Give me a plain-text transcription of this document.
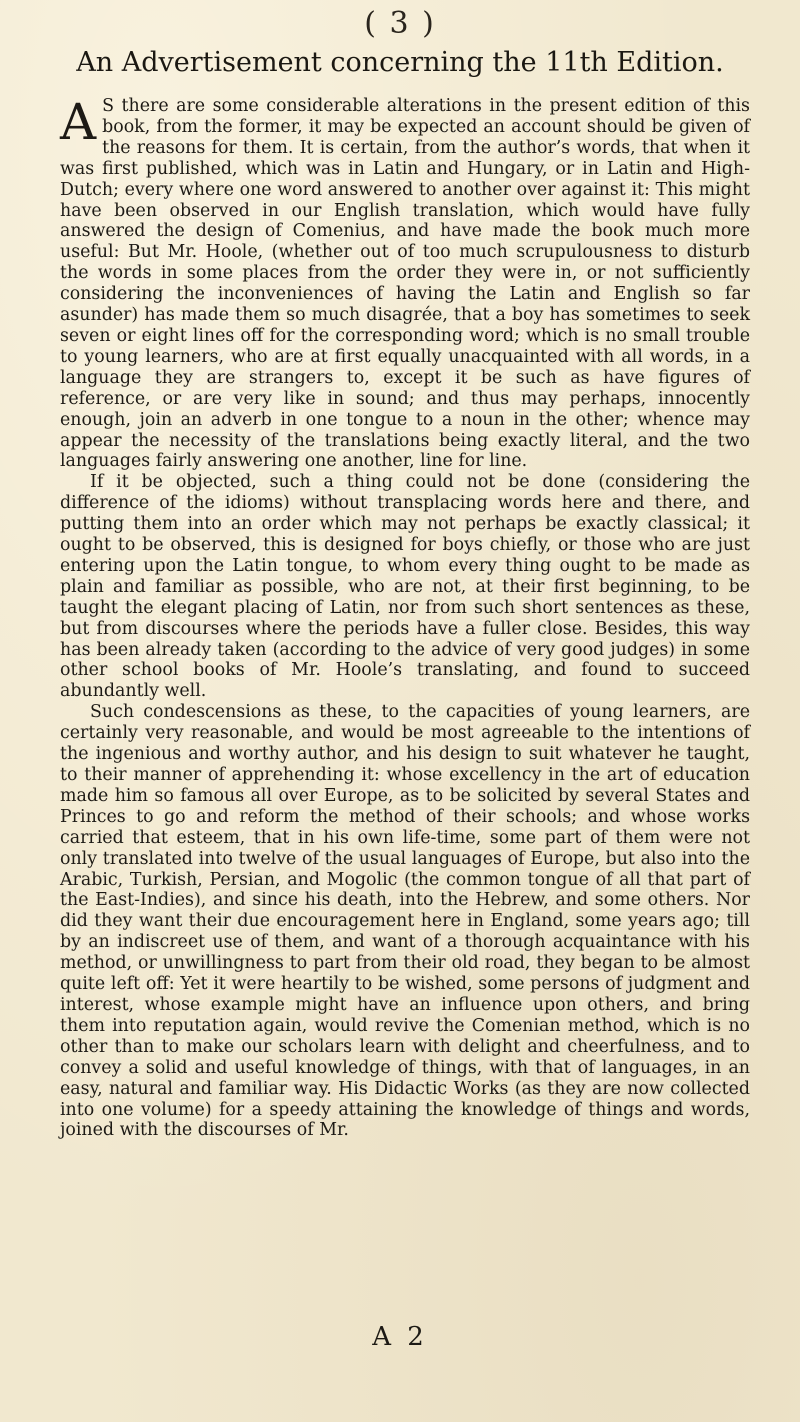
( 3 )
An Advertisement concerning the 11th Edition.

A S there are some considerable alterations in the present edition of this book, from the former, it may be expected an account should be given of the reasons for them. It is certain, from the author’s words, that when it was first published, which was in Latin and Hungary, or in Latin and High-Dutch; every where one word answered to another over against it: This might have been observed in our English translation, which would have fully answered the design of Comenius, and have made the book much more useful: But Mr. Hoole, (whether out of too much scrupulousness to disturb the words in some places from the order they were in, or not sufficiently considering the inconveniences of having the Latin and English so far asunder) has made them so much disagrée, that a boy has sometimes to seek seven or eight lines off for the corresponding word; which is no small trouble to young learners, who are at first equally unacquainted with all words, in a language they are strangers to, except it be such as have figures of reference, or are very like in sound; and thus may perhaps, innocently enough, join an adverb in one tongue to a noun in the other; whence may appear the necessity of the translations being exactly literal, and the two languages fairly answering one another, line for line.

If it be objected, such a thing could not be done (considering the difference of the idioms) without transplacing words here and there, and putting them into an order which may not perhaps be exactly classical; it ought to be observed, this is designed for boys chiefly, or those who are just entering upon the Latin tongue, to whom every thing ought to be made as plain and familiar as possible, who are not, at their first beginning, to be taught the elegant placing of Latin, nor from such short sentences as these, but from discourses where the periods have a fuller close. Besides, this way has been already taken (according to the advice of very good judges) in some other school books of Mr. Hoole’s translating, and found to succeed abundantly well.

Such condescensions as these, to the capacities of young learners, are certainly very reasonable, and would be most agreeable to the intentions of the ingenious and worthy author, and his design to suit whatever he taught, to their manner of apprehending it: whose excellency in the art of education made him so famous all over Europe, as to be solicited by several States and Princes to go and reform the method of their schools; and whose works carried that esteem, that in his own life-time, some part of them were not only translated into twelve of the usual languages of Europe, but also into the Arabic, Turkish, Persian, and Mogolic (the common tongue of all that part of the East-Indies), and since his death, into the Hebrew, and some others. Nor did they want their due encouragement here in England, some years ago; till by an indiscreet use of them, and want of a thorough acquaintance with his method, or unwillingness to part from their old road, they began to be almost quite left off: Yet it were heartily to be wished, some persons of judgment and interest, whose example might have an influence upon others, and bring them into reputation again, would revive the Comenian method, which is no other than to make our scholars learn with delight and cheerfulness, and to convey a solid and useful knowledge of things, with that of languages, in an easy, natural and familiar way. His Didactic Works (as they are now collected into one volume) for a speedy attaining the knowledge of things and words, joined with the discourses of Mr.

A 2
